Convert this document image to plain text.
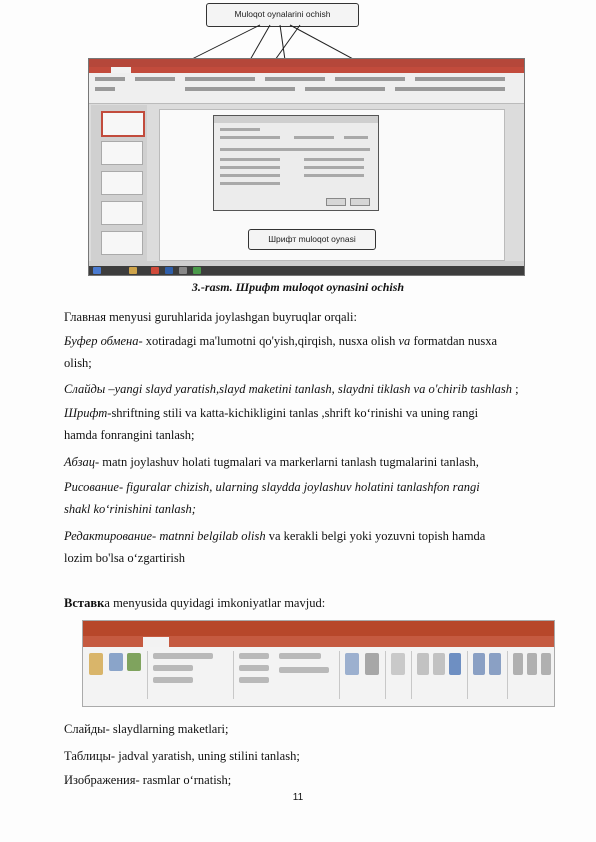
Muloqot oynalarini ochish
Шрифт muloqot oynasi
3.-rasm. Шрифт muloqot oynasini ochish
Главная menyusi guruhlarida joylashgan buyruqlar orqali:
Буфер обмена- xotiradagi ma'lumotni qo'yish,qirqish, nusxa olish va formatdan nusxa
olish;
Слайды –yangi slayd yaratish,slayd maketini tanlash, slaydni tiklash va o'chirib tashlash ;
Шрифт-shriftning stili va katta-kichikligini tanlas ,shrift ko‘rinishi va uning rangi
hamda fonrangini tanlash;
Абзац- matn joylashuv holati tugmalari va markerlarni tanlash tugmalarini tanlash,
Рисование- figuralar chizish, ularning slaydda joylashuv holatini tanlashfon rangi
shakl ko‘rinishini tanlash;
Редактирование- matnni belgilab olish va kerakli belgi yoki yozuvni topish hamda
lozim bo'lsa o‘zgartirish
Вставкa menyusida quyidagi imkoniyatlar mavjud:
Слайды- slaydlarning maketlari;
Таблицы- jadval yaratish, uning stilini tanlash;
Изображения- rasmlar o‘rnatish;
11
